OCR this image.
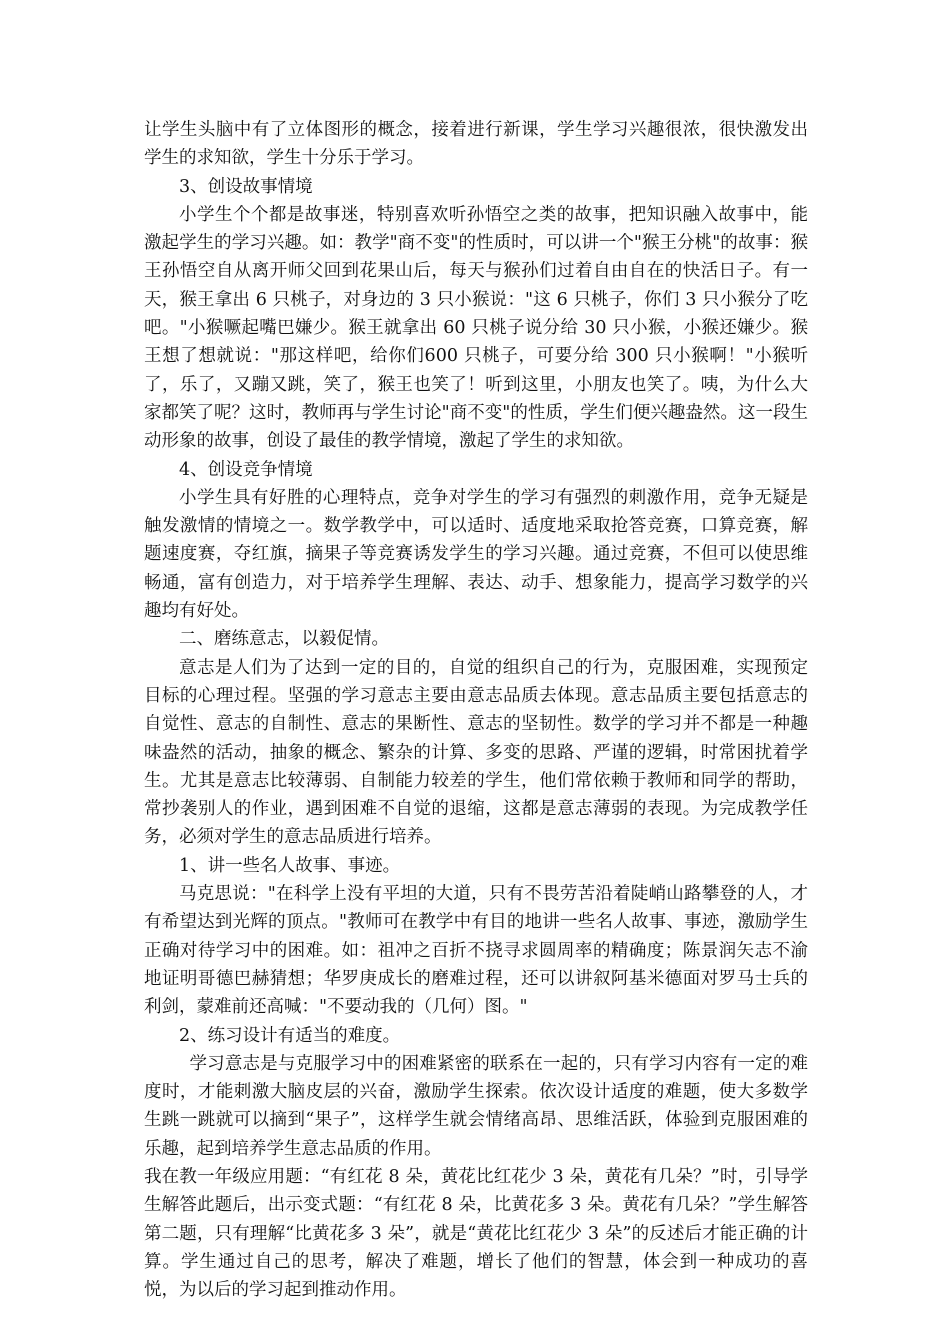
让学生头脑中有了立体图形的概念，接着进行新课，学生学习兴趣很浓，很快激发出学生的求知欲，学生十分乐于学习。

3、创设故事情境

小学生个个都是故事迷，特别喜欢听孙悟空之类的故事，把知识融入故事中，能激起学生的学习兴趣。如：教学"商不变"的性质时，可以讲一个"猴王分桃"的故事：猴王孙悟空自从离开师父回到花果山后，每天与猴孙们过着自由自在的快活日子。有一天，猴王拿出 6 只桃子，对身边的 3 只小猴说："这 6 只桃子，你们 3 只小猴分了吃吧。"小猴噘起嘴巴嫌少。猴王就拿出 60 只桃子说分给 30 只小猴，小猴还嫌少。猴王想了想就说："那这样吧，给你们600 只桃子，可要分给 300 只小猴啊！"小猴听了，乐了，又蹦又跳，笑了，猴王也笑了！听到这里，小朋友也笑了。咦，为什么大家都笑了呢？这时，教师再与学生讨论"商不变"的性质，学生们便兴趣盎然。这一段生动形象的故事，创设了最佳的教学情境，激起了学生的求知欲。

4、创设竞争情境

小学生具有好胜的心理特点，竞争对学生的学习有强烈的刺激作用，竞争无疑是触发激情的情境之一。数学教学中，可以适时、适度地采取抢答竞赛，口算竞赛，解题速度赛，夺红旗，摘果子等竞赛诱发学生的学习兴趣。通过竞赛，不但可以使思维畅通，富有创造力，对于培养学生理解、表达、动手、想象能力，提高学习数学的兴趣均有好处。

二、磨练意志，以毅促情。

意志是人们为了达到一定的目的，自觉的组织自己的行为，克服困难，实现预定目标的心理过程。坚强的学习意志主要由意志品质去体现。意志品质主要包括意志的自觉性、意志的自制性、意志的果断性、意志的坚韧性。数学的学习并不都是一种趣味盎然的活动，抽象的概念、繁杂的计算、多变的思路、严谨的逻辑，时常困扰着学生。尤其是意志比较薄弱、自制能力较差的学生，他们常依赖于教师和同学的帮助，常抄袭别人的作业，遇到困难不自觉的退缩，这都是意志薄弱的表现。为完成教学任务，必须对学生的意志品质进行培养。

1、讲一些名人故事、事迹。

马克思说："在科学上没有平坦的大道，只有不畏劳苦沿着陡峭山路攀登的人，才有希望达到光辉的顶点。"教师可在教学中有目的地讲一些名人故事、事迹，激励学生正确对待学习中的困难。如：祖冲之百折不挠寻求圆周率的精确度；陈景润矢志不渝地证明哥德巴赫猜想；华罗庚成长的磨难过程，还可以讲叙阿基米德面对罗马士兵的利剑，蒙难前还高喊："不要动我的（几何）图。"

2、练习设计有适当的难度。

学习意志是与克服学习中的困难紧密的联系在一起的，只有学习内容有一定的难度时，才能刺激大脑皮层的兴奋，激励学生探索。依次设计适度的难题，使大多数学生跳一跳就可以摘到“果子”，这样学生就会情绪高昂、思维活跃，体验到克服困难的乐趣，起到培养学生意志品质的作用。

我在教一年级应用题：“有红花 8 朵，黄花比红花少 3 朵，黄花有几朵？”时，引导学生解答此题后，出示变式题：“有红花 8 朵，比黄花多 3 朵。黄花有几朵？”学生解答第二题，只有理解“比黄花多 3 朵”，就是“黄花比红花少 3 朵”的反述后才能正确的计算。学生通过自己的思考，解决了难题，增长了他们的智慧，体会到一种成功的喜悦，为以后的学习起到推动作用。
